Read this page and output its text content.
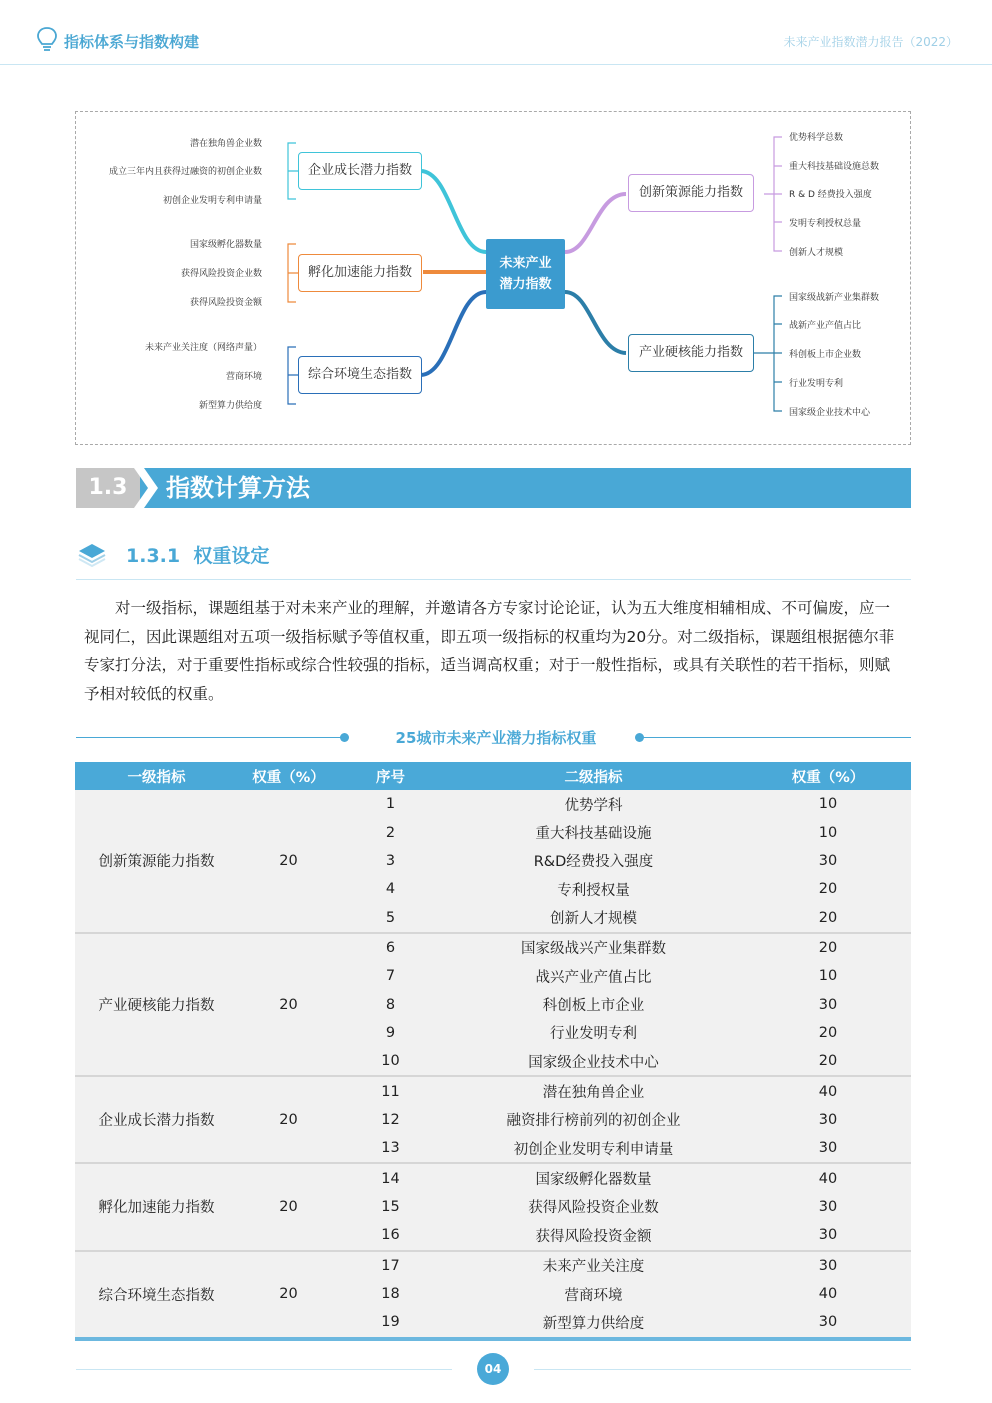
指标体系与指数构建	未来产业指数潜力报告（2022）
未来产业
潜力指数
企业成长潜力指数
孵化加速能力指数
综合环境生态指数
创新策源能力指数
产业硬核能力指数
潜在独角兽企业数
成立三年内且获得过融资的初创企业数
初创企业发明专利申请量
国家级孵化器数量
获得风险投资企业数
获得风险投资金额
未来产业关注度（网络声量）
营商环境
新型算力供给度
优势科学总数
重大科技基础设施总数
R & D 经费投入强度
发明专利授权总量
创新人才规模
国家级战新产业集群数
战新产业产值占比
科创板上市企业数
行业发明专利
国家级企业技术中心
1.3	指数计算方法
1.3.1 权重设定

对一级指标，课题组基于对未来产业的理解，并邀请各方专家讨论论证，认为五大维度相辅相成、不可偏废，应一视同仁，因此课题组对五项一级指标赋予等值权重，即五项一级指标的权重均为20分。对二级指标，课题组根据德尔菲专家打分法，对于重要性指标或综合性较强的指标，适当调高权重；对于一般性指标，或具有关联性的若干指标，则赋予相对较低的权重。

25城市未来产业潜力指标权重
一级指标	权重（%）	序号	二级指标	权重（%）
创新策源能力指数	20	1	优势学科	10
		2	重大科技基础设施	10
		3	R&D经费投入强度	30
		4	专利授权量	20
		5	创新人才规模	20
产业硬核能力指数	20	6	国家级战兴产业集群数	20
		7	战兴产业产值占比	10
		8	科创板上市企业	30
		9	行业发明专利	20
		10	国家级企业技术中心	20
企业成长潜力指数	20	11	潜在独角兽企业	40
		12	融资排行榜前列的初创企业	30
		13	初创企业发明专利申请量	30
孵化加速能力指数	20	14	国家级孵化器数量	40
		15	获得风险投资企业数	30
		16	获得风险投资金额	30
综合环境生态指数	20	17	未来产业关注度	30
		18	营商环境	40
		19	新型算力供给度	30
04
